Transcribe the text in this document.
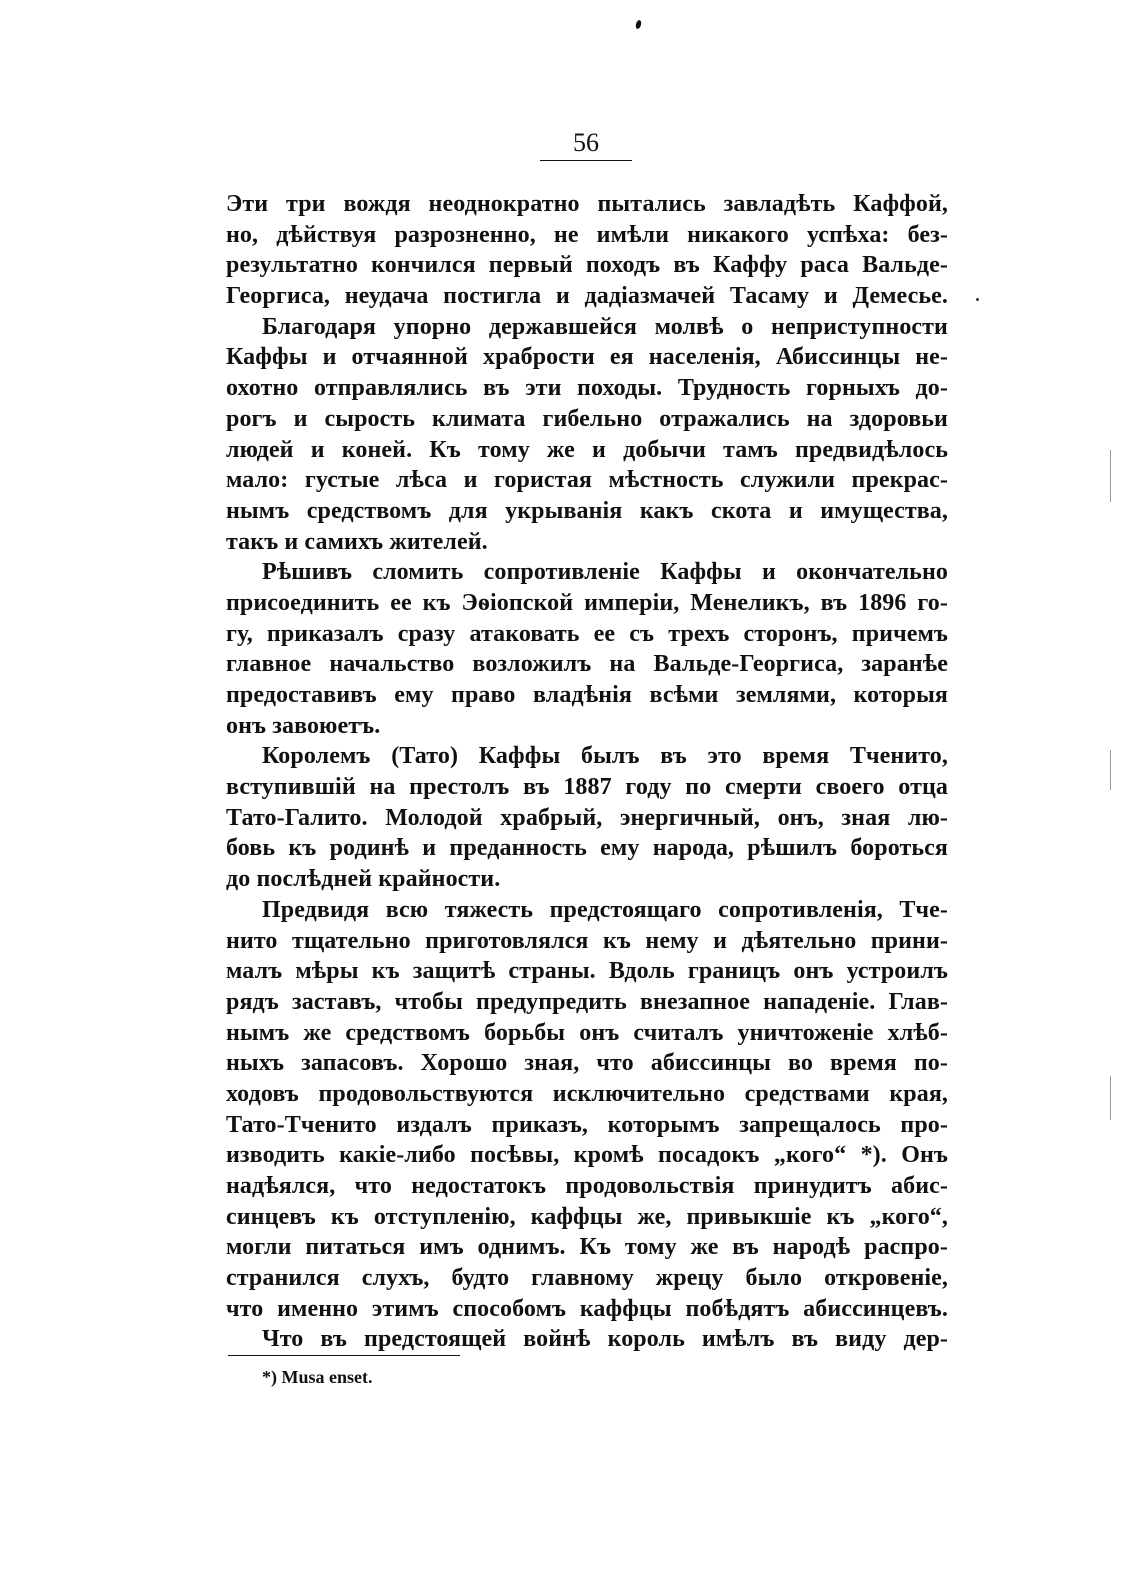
56
Эти три вождя неоднократно пытались завладѣть Каффой,
но, дѣйствуя разрозненно, не имѣли никакого успѣха: без-
результатно кончился первый походъ въ Каффу раса Вальде-
Георгиса, неудача постигла и дадiазмачей Тасаму и Демесье.
Благодаря упорно державшейся молвѣ о неприступности
Каффы и отчаянной храбрости ея населенiя, Абиссинцы не-
охотно отправлялись въ эти походы. Трудность горныхъ до-
рогъ и сырость климата гибельно отражались на здоровьи
людей и коней. Къ тому же и добычи тамъ предвидѣлось
мало: густые лѣса и гористая мѣстность служили прекрас-
нымъ средствомъ для укрыванiя какъ скота и имущества,
такъ и самихъ жителей.
Рѣшивъ сломить сопротивленiе Каффы и окончательно
присоединить ее къ Эѳiопской имперiи, Менеликъ, въ 1896 го-
гу, приказалъ сразу атаковать ее съ трехъ сторонъ, причемъ
главное начальство возложилъ на Вальде-Георгиса, заранѣе
предоставивъ ему право владѣнiя всѣми землями, которыя
онъ завоюетъ.
Королемъ (Тато) Каффы былъ въ это время Тченито,
вступившiй на престолъ въ 1887 году по смерти своего отца
Тато-Галито. Молодой храбрый, энергичный, онъ, зная лю-
бовь къ родинѣ и преданность ему народа, рѣшилъ бороться
до послѣдней крайности.
Предвидя всю тяжесть предстоящаго сопротивленiя, Тче-
нито тщательно приготовлялся къ нему и дѣятельно прини-
малъ мѣры къ защитѣ страны. Вдоль границъ онъ устроилъ
рядъ заставъ, чтобы предупредить внезапное нападенiе. Глав-
нымъ же средствомъ борьбы онъ считалъ уничтоженiе хлѣб-
ныхъ запасовъ. Хорошо зная, что абиссинцы во время по-
ходовъ продовольствуются исключительно средствами края,
Тато-Тченито издалъ приказъ, которымъ запрещалось про-
изводить какiе-либо посѣвы, кромѣ посадокъ „кого“ *). Онъ
надѣялся, что недостатокъ продовольствiя принудитъ абис-
синцевъ къ отступленiю, каффцы же, привыкшiе къ „кого“,
могли питаться имъ однимъ. Къ тому же въ народѣ распро-
странился слухъ, будто главному жрецу было откровенiе,
что именно этимъ способомъ каффцы побѣдятъ абиссинцевъ.
Что въ предстоящей войнѣ король имѣлъ въ виду дер-
*) Musa enset.
